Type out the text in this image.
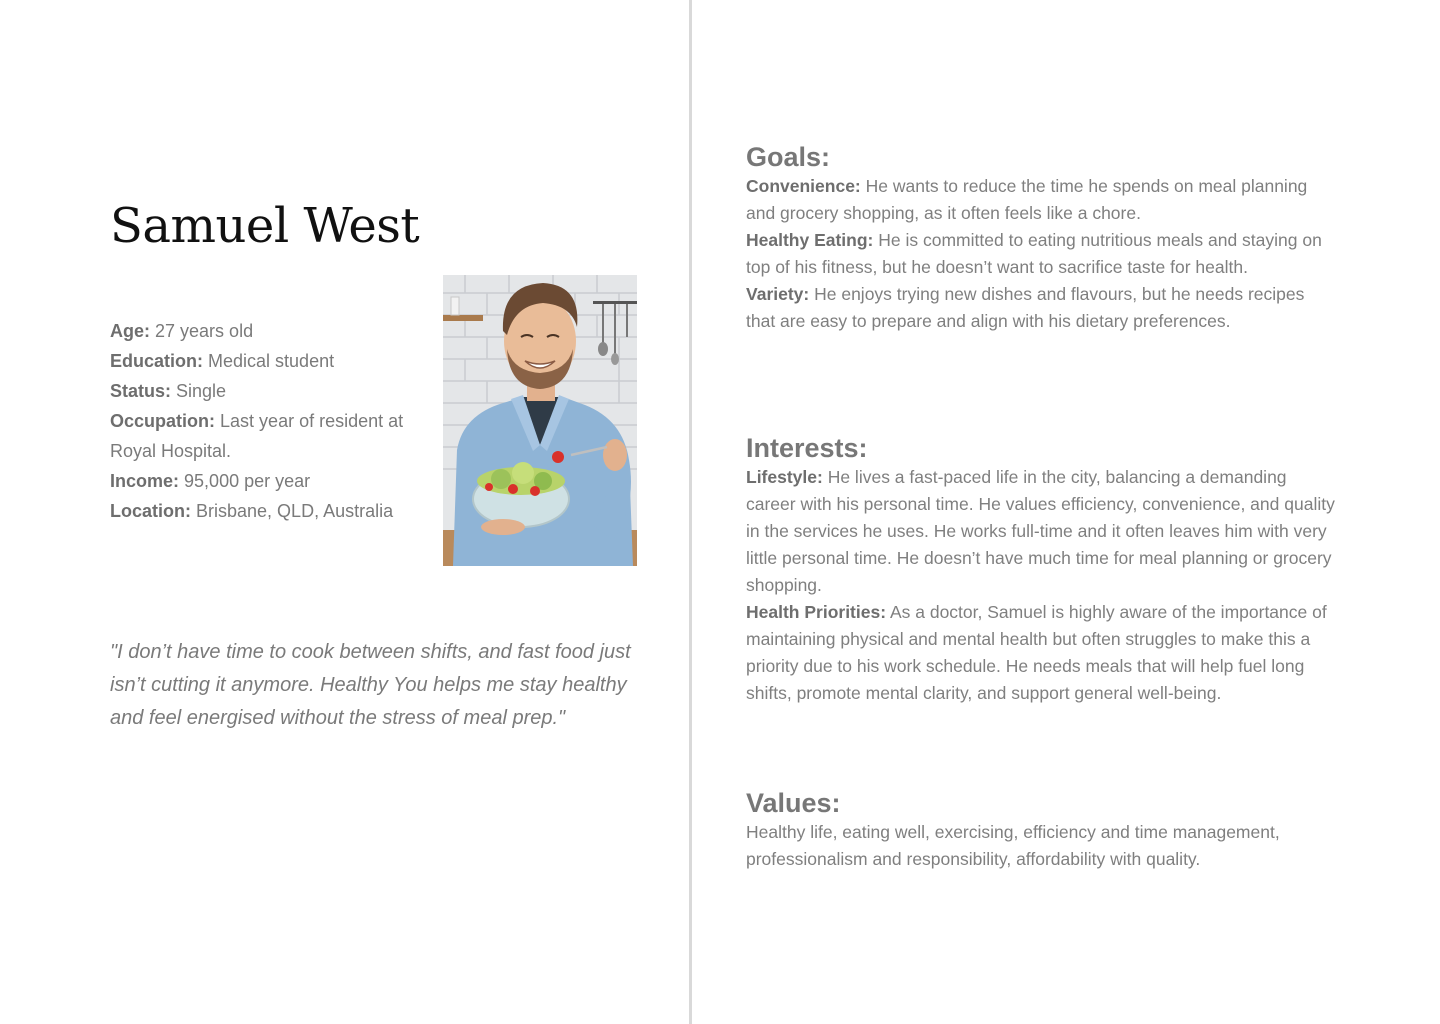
Samuel West
Age: 27 years old
Education: Medical student
Status: Single
Occupation: Last year of resident at Royal Hospital.
Income: 95,000 per year
Location: Brisbane, QLD, Australia

"I don’t have time to cook between shifts, and fast food just isn’t cutting it anymore. Healthy You helps me stay healthy and feel energised without the stress of meal prep."

Goals:

Convenience: He wants to reduce the time he spends on meal planning and grocery shopping, as it often feels like a chore.

Healthy Eating: He is committed to eating nutritious meals and staying on top of his fitness, but he doesn’t want to sacrifice taste for health.

Variety: He enjoys trying new dishes and flavours, but he needs recipes that are easy to prepare and align with his dietary preferences.

Interests:

Lifestyle: He lives a fast-paced life in the city, balancing a demanding career with his personal time. He values efficiency, convenience, and quality in the services he uses. He works full-time and it often leaves him with very little personal time. He doesn’t have much time for meal planning or grocery shopping.

Health Priorities: As a doctor, Samuel is highly aware of the importance of maintaining physical and mental health but often struggles to make this a priority due to his work schedule. He needs meals that will help fuel long shifts, promote mental clarity, and support general well-being.

Values:

Healthy life, eating well, exercising, efficiency and time management, professionalism and responsibility, affordability with quality.
